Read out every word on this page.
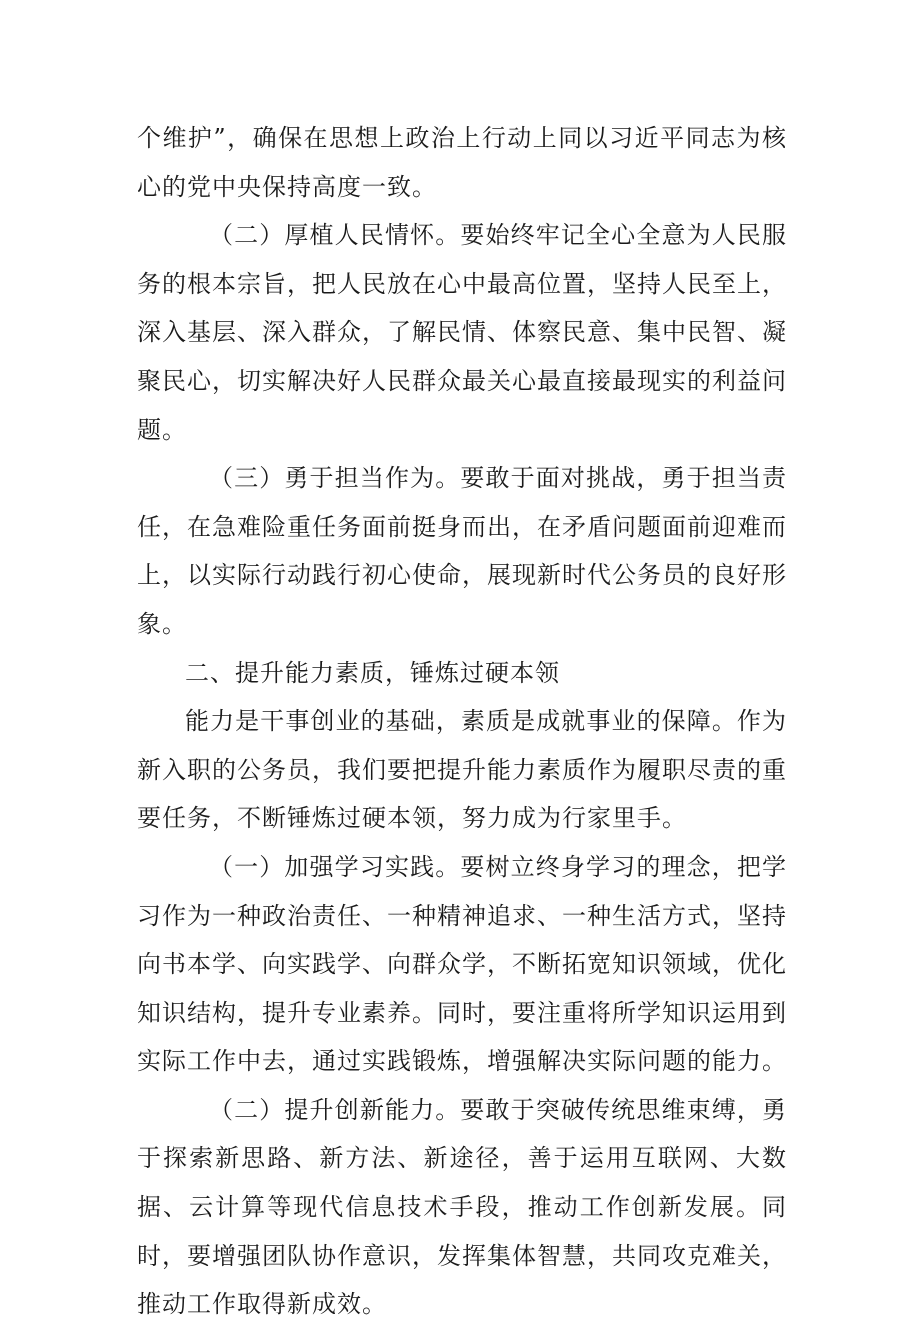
个维护”，确保在思想上政治上行动上同以习近平同志为核心的党中央保持高度一致。

（二）厚植人民情怀。要始终牢记全心全意为人民服务的根本宗旨，把人民放在心中最高位置，坚持人民至上，深入基层、深入群众，了解民情、体察民意、集中民智、凝聚民心，切实解决好人民群众最关心最直接最现实的利益问题。

（三）勇于担当作为。要敢于面对挑战，勇于担当责任，在急难险重任务面前挺身而出，在矛盾问题面前迎难而上，以实际行动践行初心使命，展现新时代公务员的良好形象。

二、提升能力素质，锤炼过硬本领

能力是干事创业的基础，素质是成就事业的保障。作为新入职的公务员，我们要把提升能力素质作为履职尽责的重要任务，不断锤炼过硬本领，努力成为行家里手。

（一）加强学习实践。要树立终身学习的理念，把学习作为一种政治责任、一种精神追求、一种生活方式，坚持向书本学、向实践学、向群众学，不断拓宽知识领域，优化知识结构，提升专业素养。同时，要注重将所学知识运用到实际工作中去，通过实践锻炼，增强解决实际问题的能力。

（二）提升创新能力。要敢于突破传统思维束缚，勇于探索新思路、新方法、新途径，善于运用互联网、大数据、云计算等现代信息技术手段，推动工作创新发展。同时，要增强团队协作意识，发挥集体智慧，共同攻克难关，推动工作取得新成效。
